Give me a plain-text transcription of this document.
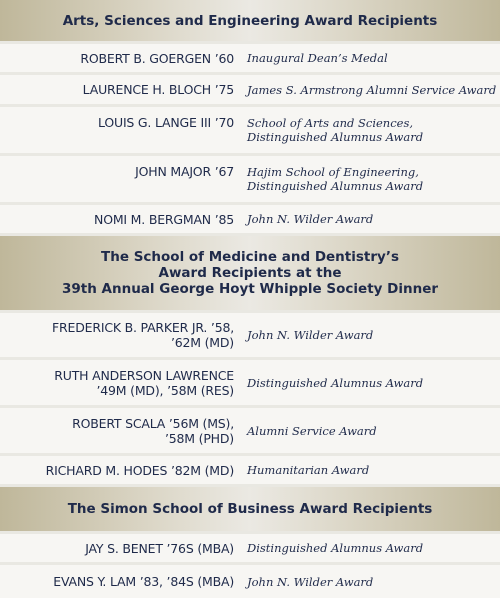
Arts, Sciences and Engineering Award Recipients
ROBERT B. GOERGEN ’60 Inaugural Dean’s Medal
LAURENCE H. BLOCH ’75 James S. Armstrong Alumni Service Award
LOUIS G. LANGE III ’70 School of Arts and Sciences,
Distinguished Alumnus Award
JOHN MAJOR ’67 Hajim School of Engineering,
Distinguished Alumnus Award
NOMI M. BERGMAN ’85 John N. Wilder Award
The School of Medicine and Dentistry’s
Award Recipients at the
39th Annual George Hoyt Whipple Society Dinner
FREDERICK B. PARKER JR. ’58,
’62M (MD) John N. Wilder Award
RUTH ANDERSON LAWRENCE
’49M (MD), ’58M (RES) Distinguished Alumnus Award
ROBERT SCALA ’56M (MS),
’58M (PHD) Alumni Service Award
RICHARD M. HODES ’82M (MD) Humanitarian Award
The Simon School of Business Award Recipients
JAY S. BENET ’76S (MBA) Distinguished Alumnus Award
EVANS Y. LAM ’83, ’84S (MBA) John N. Wilder Award
